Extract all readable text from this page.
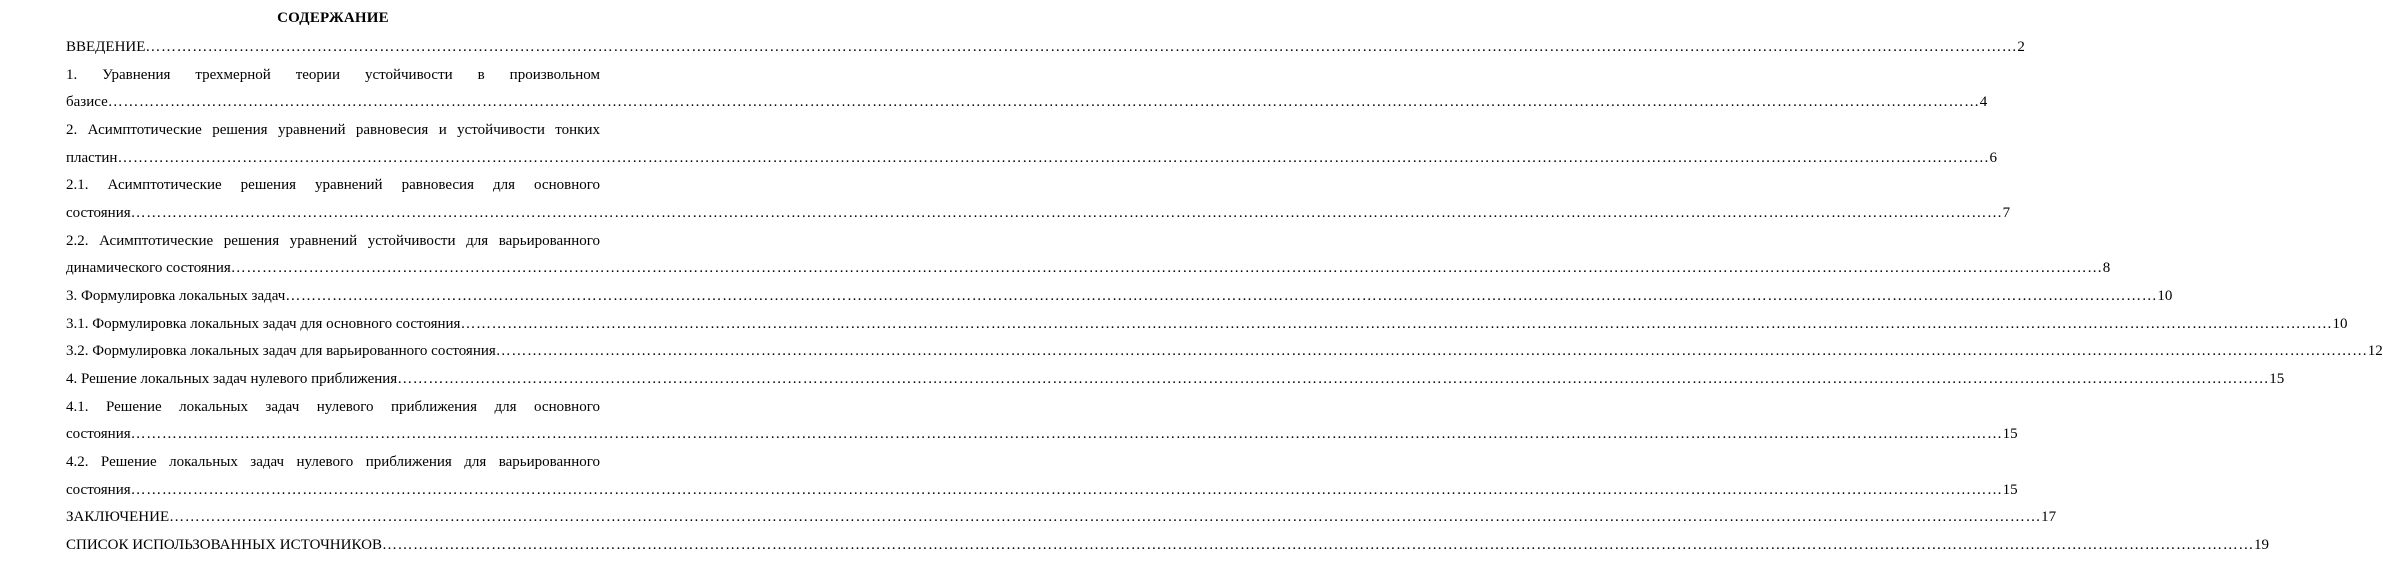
СОДЕРЖАНИЕ
ВВЕДЕНИЕ ……………………………………………………………………………………………………………………………………………………………………………………………………………………………………………………………………………………………………………………………… 2
1. Уравнения трехмерной теории устойчивости в произвольном
базисе ……………………………………………………………………………………………………………………………………………………………………………………………………………………………………………………………………………………………………………………………… 4
2. Асимптотические решения уравнений равновесия и устойчивости тонких
пластин ……………………………………………………………………………………………………………………………………………………………………………………………………………………………………………………………………………………………………………………………… 6
2.1. Асимптотические решения уравнений равновесия для основного
состояния ……………………………………………………………………………………………………………………………………………………………………………………………………………………………………………………………………………………………………………………………… 7
2.2. Асимптотические решения уравнений устойчивости для варьированного
динамического состояния ……………………………………………………………………………………………………………………………………………………………………………………………………………………………………………………………………………………………………………………………… 8
3. Формулировка локальных задач ……………………………………………………………………………………………………………………………………………………………………………………………………………………………………………………………………………………………………………………………… 10
3.1. Формулировка локальных задач для основного состояния ……………………………………………………………………………………………………………………………………………………………………………………………………………………………………………………………………………………………………………………………… 10
3.2. Формулировка локальных задач для варьированного состояния ……………………………………………………………………………………………………………………………………………………………………………………………………………………………………………………………………………………………………………………………… 12
4. Решение локальных задач нулевого приближения ……………………………………………………………………………………………………………………………………………………………………………………………………………………………………………………………………………………………………………………………… 15
4.1. Решение локальных задач нулевого приближения для основного
состояния ……………………………………………………………………………………………………………………………………………………………………………………………………………………………………………………………………………………………………………………………… 15
4.2. Решение локальных задач нулевого приближения для варьированного
состояния ……………………………………………………………………………………………………………………………………………………………………………………………………………………………………………………………………………………………………………………………… 15
ЗАКЛЮЧЕНИЕ ……………………………………………………………………………………………………………………………………………………………………………………………………………………………………………………………………………………………………………………………… 17
СПИСОК ИСПОЛЬЗОВАННЫХ ИСТОЧНИКОВ ……………………………………………………………………………………………………………………………………………………………………………………………………………………………………………………………………………………………………………………………… 19
